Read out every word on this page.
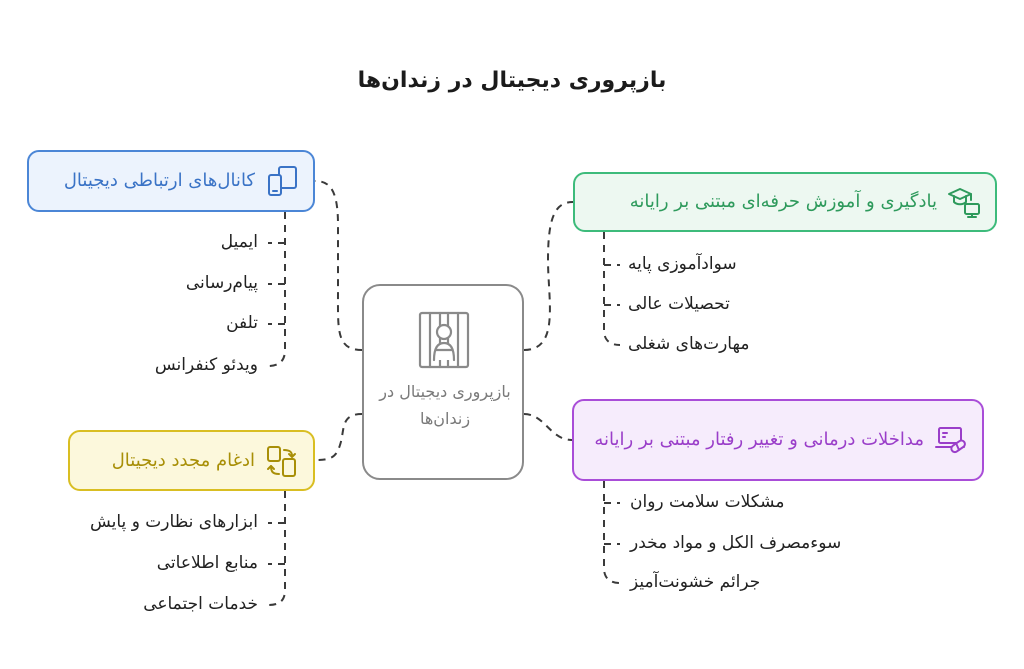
بازپروری دیجیتال در زندان‌ها
بازپروری دیجیتال در زندان‌ها
یادگیری و آموزش حرفه‌ای مبتنی بر رایانه
سوادآموزی پایه
تحصیلات عالی
مهارت‌های شغلی
مداخلات درمانی و تغییر رفتار مبتنی بر رایانه
مشکلات سلامت روان
سوءمصرف الکل و مواد مخدر
جرائم خشونت‌آمیز
کانال‌های ارتباطی دیجیتال
ایمیل
پیام‌رسانی
تلفن
ویدئو کنفرانس
ادغام مجدد دیجیتال
ابزارهای نظارت و پایش
منابع اطلاعاتی
خدمات اجتماعی
